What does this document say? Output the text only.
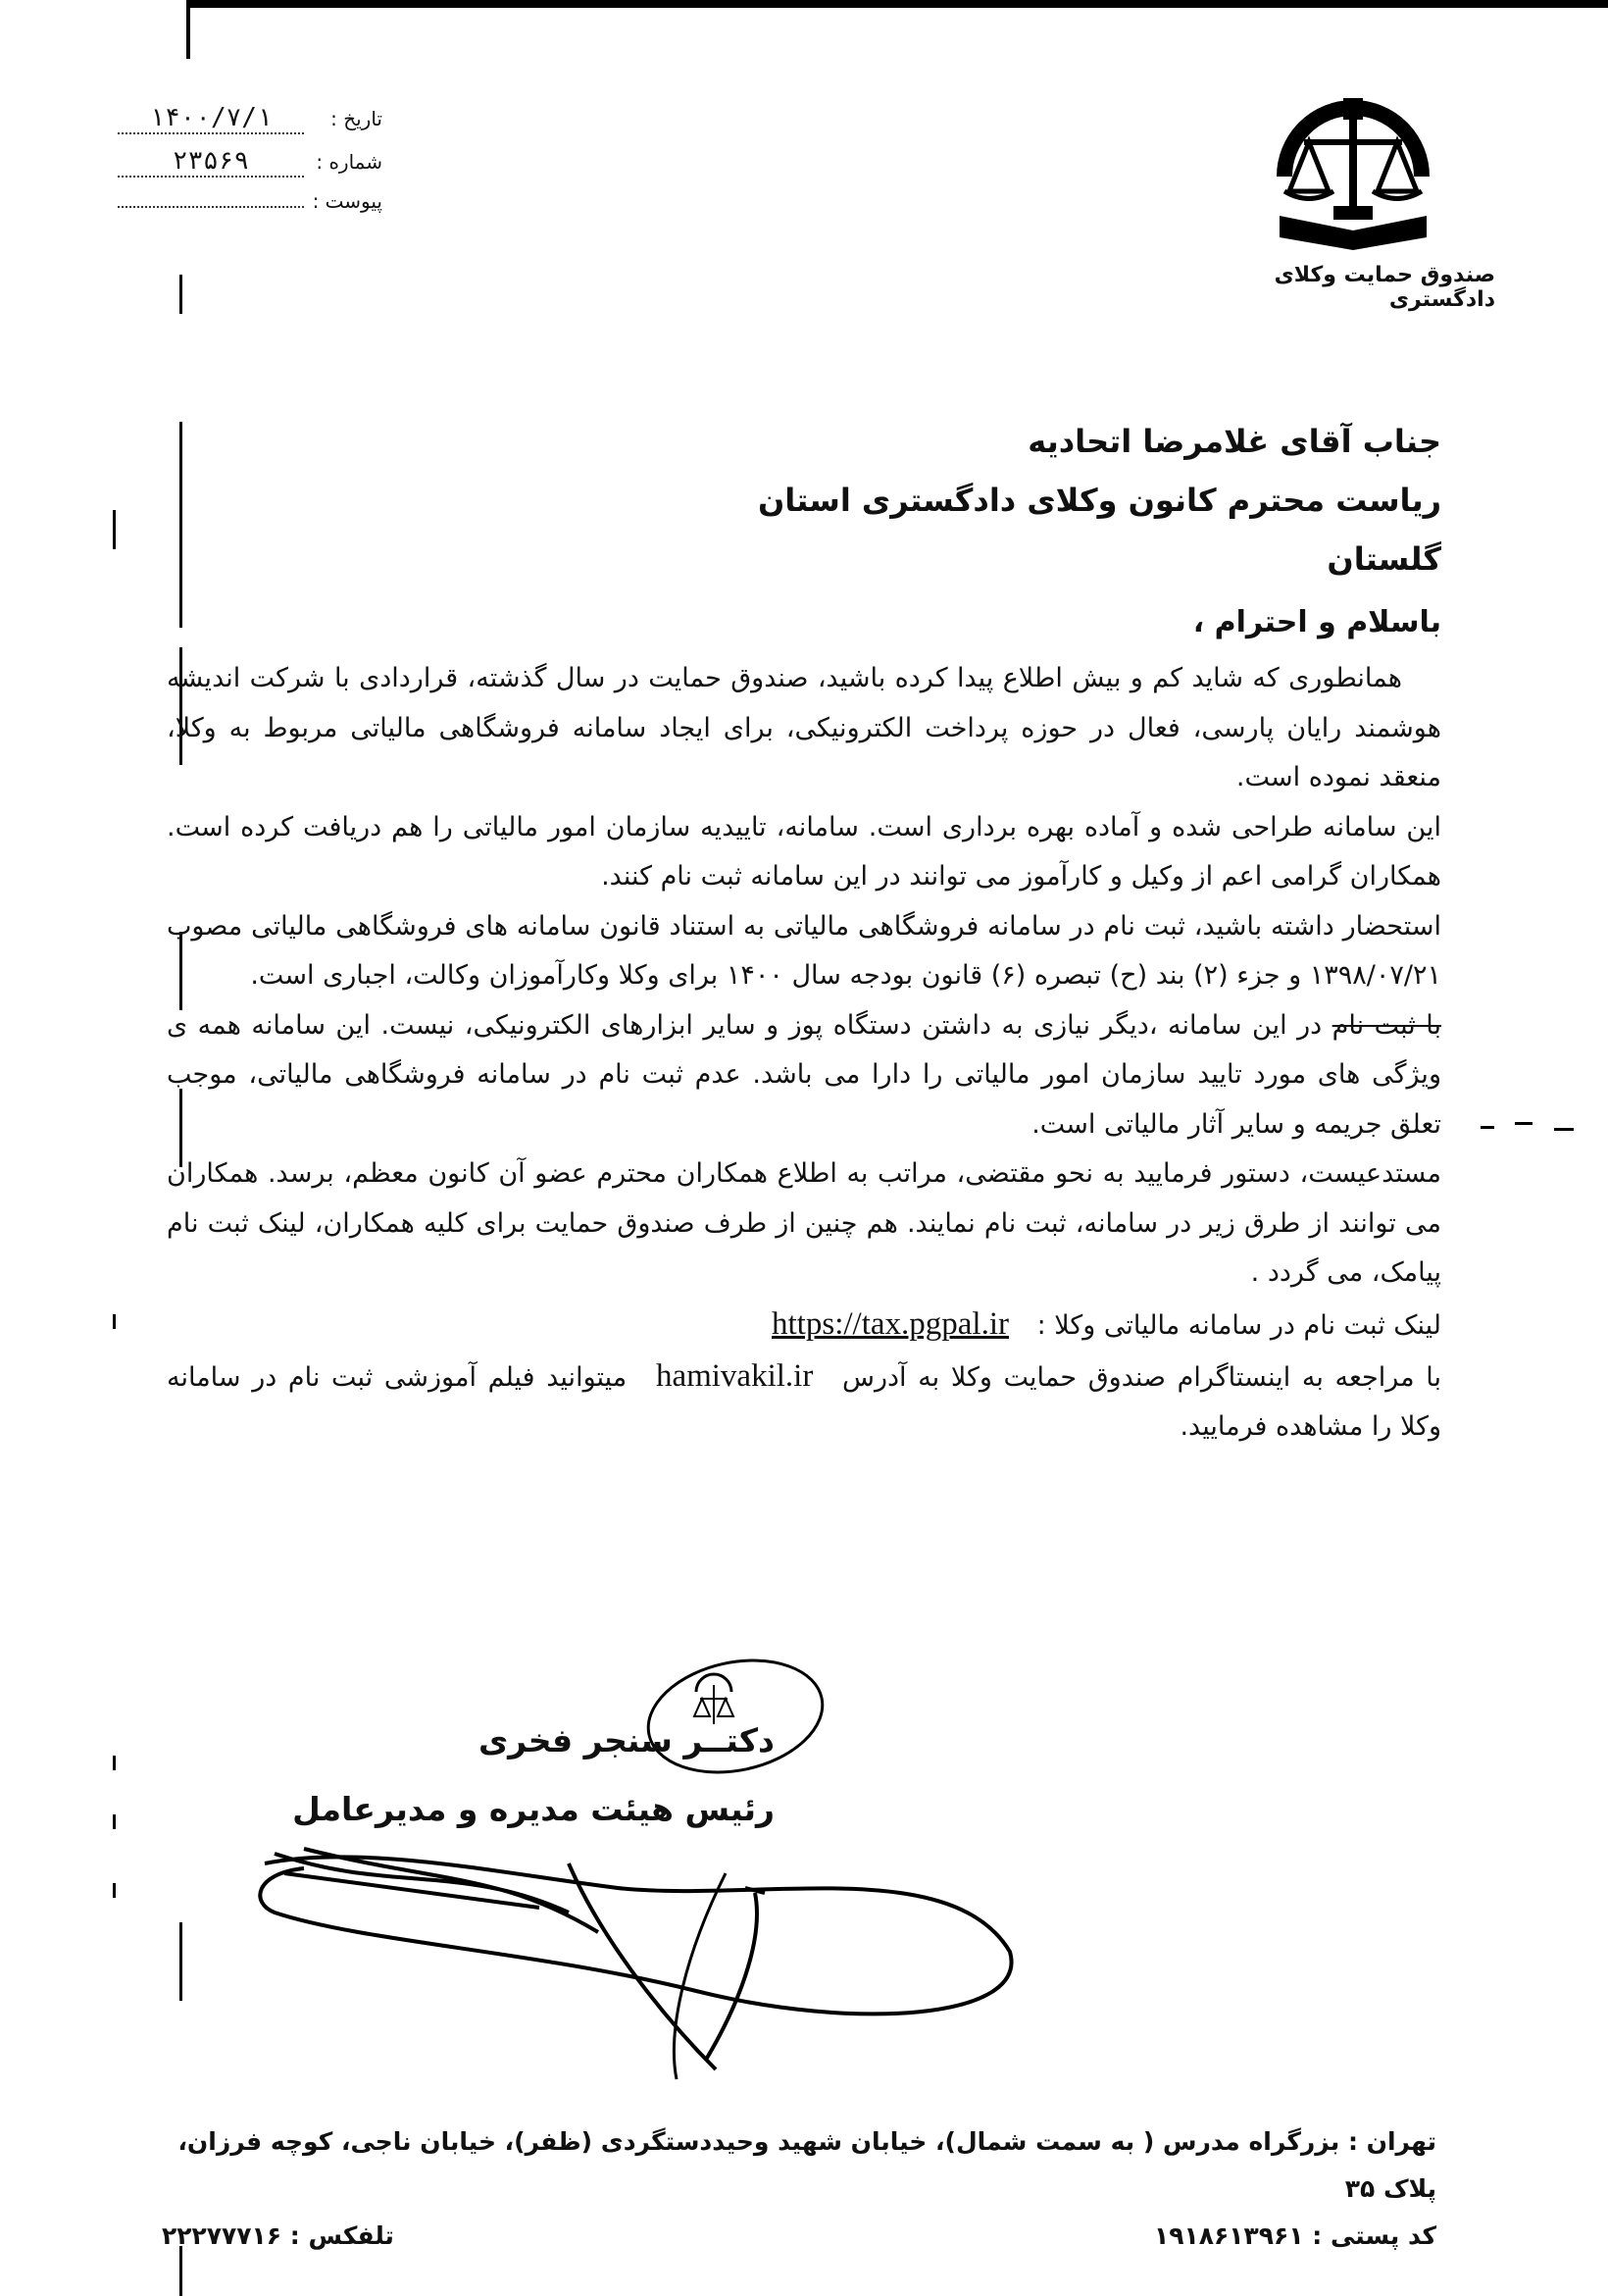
صندوق حمایت وکلای دادگستری
تاریخ :
۱۴۰۰/۷/۱
شماره :
۲۳۵۶۹
پیوست :
جناب آقای غلامرضا اتحادیه
ریاست محترم کانون وکلای دادگستری استان گلستان
باسلام و احترام ،

همانطوری که شاید کم و بیش اطلاع پیدا کرده باشید، صندوق حمایت در سال گذشته، قراردادی با شرکت اندیشه هوشمند رایان پارسی، فعال در حوزه پرداخت الکترونیکی، برای ایجاد سامانه فروشگاهی مالیاتی مربوط به وکلا، منعقد نموده است.

این سامانه طراحی شده و آماده بهره برداری است. سامانه، تاییدیه سازمان امور مالیاتی را هم دریافت کرده است. همکاران گرامی اعم از وکیل و کارآموز می توانند در این سامانه ثبت نام کنند.

استحضار داشته باشید، ثبت نام در سامانه فروشگاهی مالیاتی به استناد قانون سامانه های فروشگاهی مالیاتی مصوب ۱۳۹۸/۰۷/۲۱ و جزء (۲) بند (ح) تبصره (۶) قانون بودجه سال ۱۴۰۰ برای وکلا وکارآموزان وکالت، اجباری است.

با ثبت نام در این سامانه ،دیگر نیازی به داشتن دستگاه پوز و سایر ابزارهای الکترونیکی، نیست. این سامانه همه ی ویژگی های مورد تایید سازمان امور مالیاتی را دارا می باشد. عدم ثبت نام در سامانه فروشگاهی مالیاتی، موجب تعلق جریمه و سایر آثار مالیاتی است.

مستدعیست، دستور فرمایید به نحو مقتضی، مراتب به اطلاع همکاران محترم عضو آن کانون معظم، برسد. همکاران می توانند از طرق زیر در سامانه، ثبت نام نمایند. هم چنین از طرف صندوق حمایت برای کلیه همکاران، لینک ثبت نام پیامک، می گردد .

لینک ثبت نام در سامانه مالیاتی وکلا : https://tax.pgpal.ir

با مراجعه به اینستاگرام صندوق حمایت وکلا به آدرس hamivakil.ir میتوانید فیلم آموزشی ثبت نام در سامانه وکلا را مشاهده فرمایید.

دکتــر سنجر فخری
رئیس هیئت مدیره و مدیرعامل
تهران : بزرگراه مدرس ( به سمت شمال)، خیابان شهید وحیددستگردی (ظفر)، خیابان ناجی، کوچه فرزان، پلاک ۳۵
کد پستی : ۱۹۱۸۶۱۳۹۶۱
تلفکس : ۲۲۲۷۷۷۱۶
